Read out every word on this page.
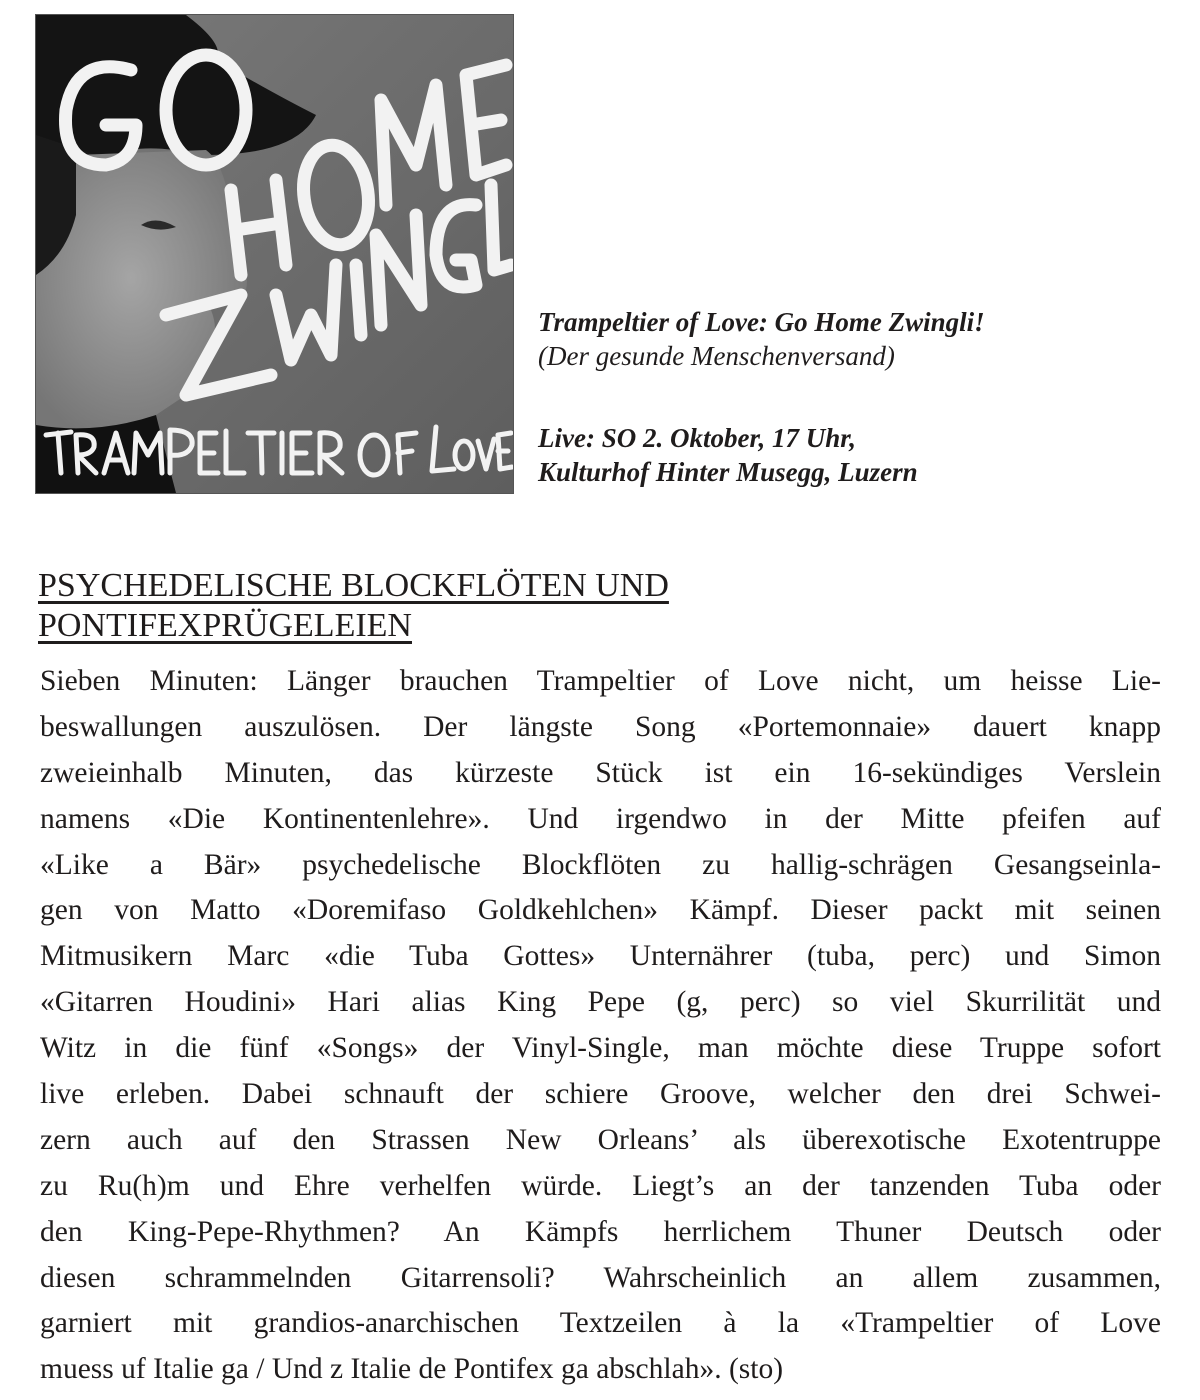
Trampeltier of Love: Go Home Zwingli!
(Der gesunde Menschenversand)
Live: SO 2. Oktober, 17 Uhr,
Kulturhof Hinter Musegg, Luzern
PSYCHEDELISCHE BLOCKFLÖTEN UND
PONTIFEXPRÜGELEIEN
Sieben Minuten: Länger brauchen Trampeltier of Love nicht, um heisse Lie-
beswallungen auszulösen. Der längste Song «Portemonnaie» dauert knapp
zweieinhalb Minuten, das kürzeste Stück ist ein 16-sekündiges Verslein
namens «Die Kontinentenlehre». Und irgendwo in der Mitte pfeifen auf
«Like a Bär» psychedelische Blockflöten zu hallig-schrägen Gesangseinla-
gen von Matto «Doremifaso Goldkehlchen» Kämpf. Dieser packt mit seinen
Mitmusikern Marc «die Tuba Gottes» Unternährer (tuba, perc) und Simon
«Gitarren Houdini» Hari alias King Pepe (g, perc) so viel Skurrilität und
Witz in die fünf «Songs» der Vinyl-Single, man möchte diese Truppe sofort
live erleben. Dabei schnauft der schiere Groove, welcher den drei Schwei-
zern auch auf den Strassen New Orleans’ als überexotische Exotentruppe
zu Ru(h)m und Ehre verhelfen würde. Liegt’s an der tanzenden Tuba oder
den King-Pepe-Rhythmen? An Kämpfs herrlichem Thuner Deutsch oder
diesen schrammelnden Gitarrensoli? Wahrscheinlich an allem zusammen,
garniert mit grandios-anarchischen Textzeilen à la «Trampeltier of Love
muess uf Italie ga / Und z Italie de Pontifex ga abschlah». (sto)
